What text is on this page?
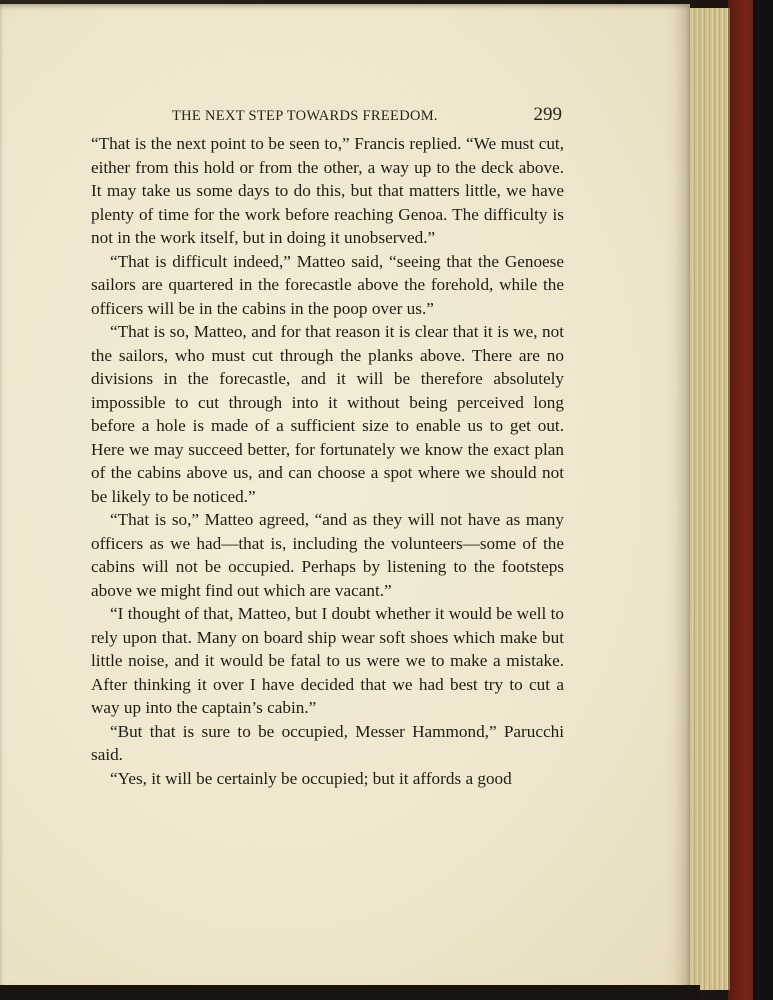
THE NEXT STEP TOWARDS FREEDOM.	299

“That is the next point to be seen to,” Francis replied. “We must cut, either from this hold or from the other, a way up to the deck above. It may take us some days to do this, but that matters little, we have plenty of time for the work before reaching Genoa. The difficulty is not in the work itself, but in doing it unobserved.”

“That is difficult indeed,” Matteo said, “seeing that the Genoese sailors are quartered in the forecastle above the forehold, while the officers will be in the cabins in the poop over us.”

“That is so, Matteo, and for that reason it is clear that it is we, not the sailors, who must cut through the planks above. There are no divisions in the forecastle, and it will be therefore absolutely impossible to cut through into it without being perceived long before a hole is made of a sufficient size to enable us to get out. Here we may succeed better, for fortunately we know the exact plan of the cabins above us, and can choose a spot where we should not be likely to be noticed.”

“That is so,” Matteo agreed, “and as they will not have as many officers as we had—that is, including the volunteers—some of the cabins will not be occupied. Perhaps by listening to the footsteps above we might find out which are vacant.”

“I thought of that, Matteo, but I doubt whether it would be well to rely upon that. Many on board ship wear soft shoes which make but little noise, and it would be fatal to us were we to make a mistake. After thinking it over I have decided that we had best try to cut a way up into the captain’s cabin.”

“But that is sure to be occupied, Messer Hammond,” Parucchi said.

“Yes, it will be certainly be occupied; but it affords a good
